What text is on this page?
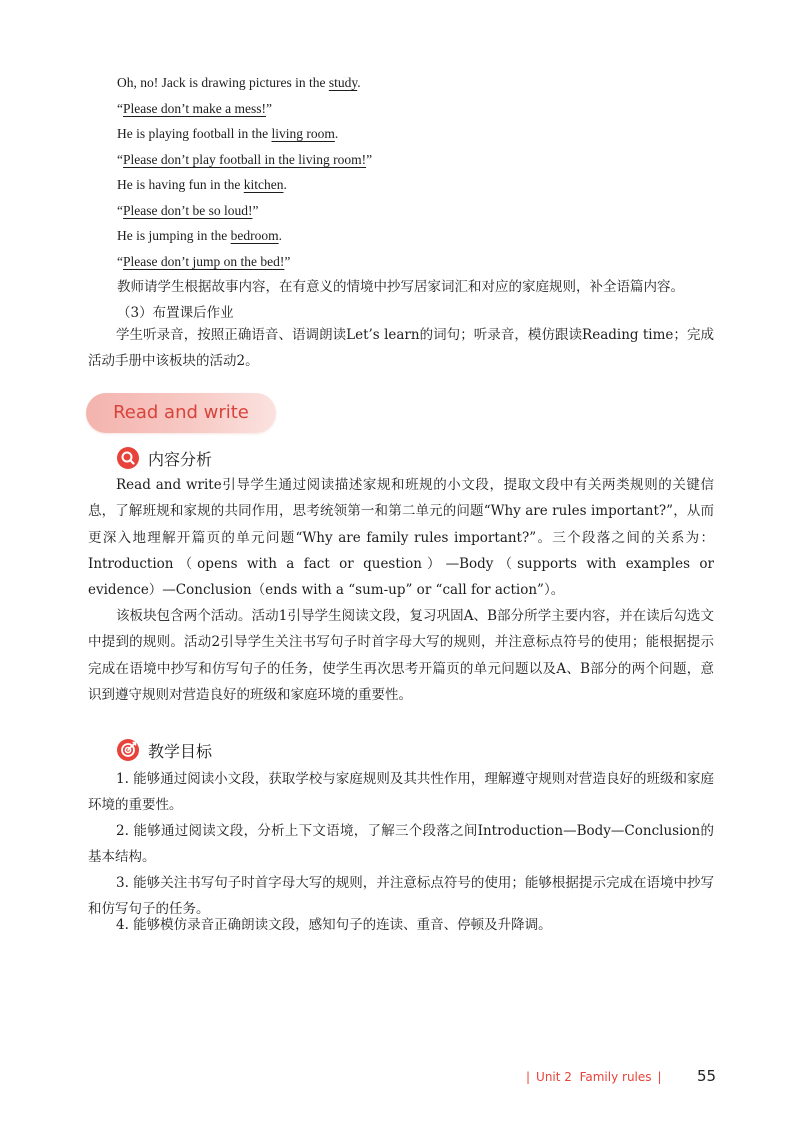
Oh, no! Jack is drawing pictures in the study.
“Please don’t make a mess!”
He is playing football in the living room.
“Please don’t play football in the living room!”
He is having fun in the kitchen.
“Please don’t be so loud!”
He is jumping in the bedroom.
“Please don’t jump on the bed!”
教师请学生根据故事内容，在有意义的情境中抄写居家词汇和对应的家庭规则，补全语篇内容。
（3）布置课后作业
学生听录音，按照正确语音、语调朗读Let’s learn的词句；听录音，模仿跟读Reading time；完成活动手册中该板块的活动2。
Read and write
内容分析
Read and write引导学生通过阅读描述家规和班规的小文段，提取文段中有关两类规则的关键信息，了解班规和家规的共同作用，思考统领第一和第二单元的问题“Why are rules important?”，从而更深入地理解开篇页的单元问题“Why are family rules important?”。三个段落之间的关系为：Introduction（opens with a fact or question）—Body（supports with examples or evidence）—Conclusion（ends with a “sum-up” or “call for action”）。
该板块包含两个活动。活动1引导学生阅读文段，复习巩固A、B部分所学主要内容，并在读后勾选文中提到的规则。活动2引导学生关注书写句子时首字母大写的规则，并注意标点符号的使用；能根据提示完成在语境中抄写和仿写句子的任务，使学生再次思考开篇页的单元问题以及A、B部分的两个问题，意识到遵守规则对营造良好的班级和家庭环境的重要性。
教学目标
1. 能够通过阅读小文段，获取学校与家庭规则及其共性作用，理解遵守规则对营造良好的班级和家庭环境的重要性。
2. 能够通过阅读文段，分析上下文语境，了解三个段落之间Introduction—Body—Conclusion的基本结构。
3. 能够关注书写句子时首字母大写的规则，并注意标点符号的使用；能够根据提示完成在语境中抄写和仿写句子的任务。
4. 能够模仿录音正确朗读文段，感知句子的连读、重音、停顿及升降调。
| Unit 2 Family rules |	55
